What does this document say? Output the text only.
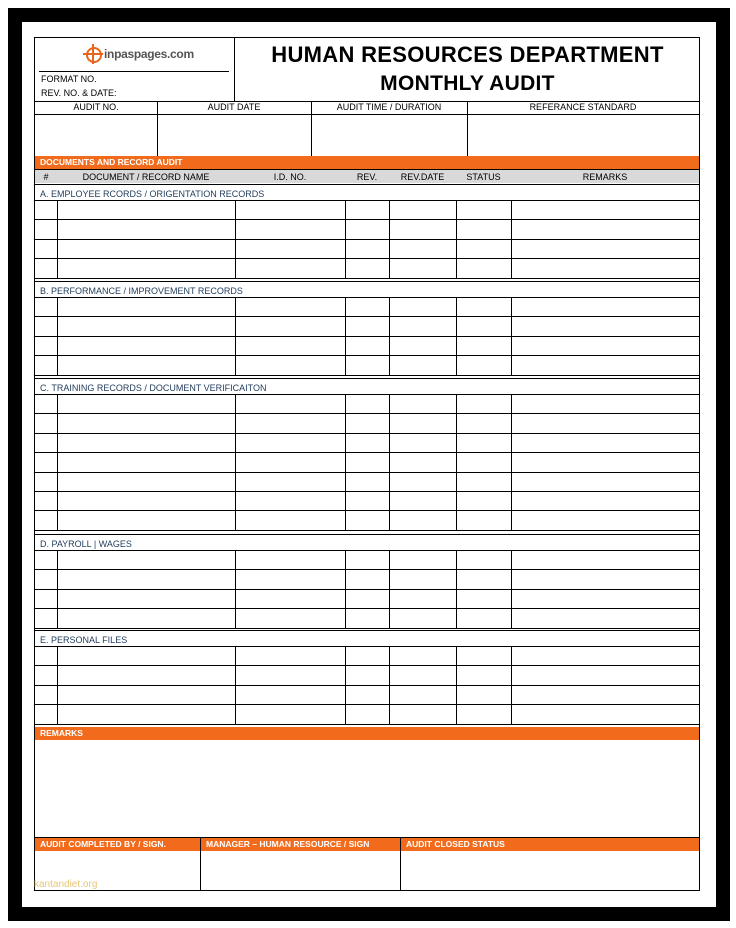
inpaspages.com
FORMAT NO.
REV. NO. & DATE:
HUMAN RESOURCES DEPARTMENT
MONTHLY AUDIT
AUDIT NO.	AUDIT DATE	AUDIT TIME / DURATION	REFERANCE STANDARD
DOCUMENTS AND RECORD AUDIT
#	DOCUMENT / RECORD NAME	I.D. NO.	REV.	REV.DATE	STATUS	REMARKS
A. EMPLOYEE RCORDS / ORIGENTATION RECORDS
B. PERFORMANCE / IMPROVEMENT RECORDS
C. TRAINING RECORDS / DOCUMENT VERIFICAITON
D. PAYROLL | WAGES
E. PERSONAL FILES
REMARKS
AUDIT COMPLETED BY / SIGN.	MANAGER – HUMAN RESOURCE / SIGN	AUDIT CLOSED STATUS
kantandiet.org
